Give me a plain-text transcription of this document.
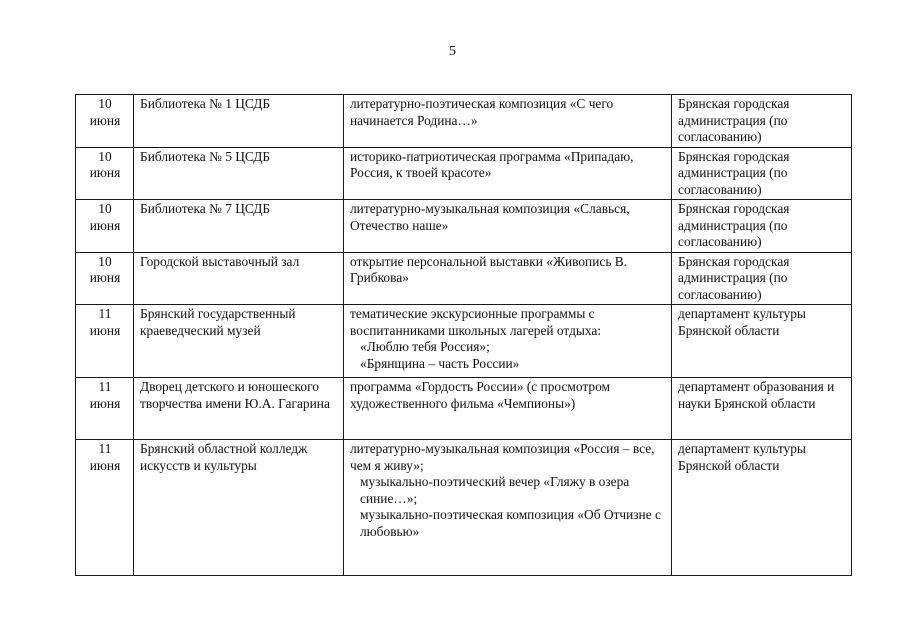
5
10
июня	Библиотека № 1 ЦСДБ	литературно-поэтическая композиция «С чего начинается Родина…»	Брянская городская администрация (по согласованию)

10
июня	Библиотека № 5 ЦСДБ	историко-патриотическая программа «Припадаю, Россия, к твоей красоте»	Брянская городская администрация (по согласованию)

10
июня	Библиотека № 7 ЦСДБ	литературно-музыкальная композиция «Славься, Отечество наше»	Брянская городская администрация (по согласованию)

10
июня	Городской выставочный зал	открытие персональной выставки «Живопись В. Грибкова»	Брянская городская администрация (по согласованию)

11
июня	Брянский государственный краеведческий музей	тематические экскурсионные программы с воспитанниками школьных лагерей отдыха:
«Люблю тебя Россия»;
«Брянщина – часть России»	департамент культуры Брянской области

11
июня	Дворец детского и юношеского творчества имени Ю.А. Гагарина	программа «Гордость России» (с просмотром художественного фильма «Чемпионы»)	департамент образования и науки Брянской области

11
июня	Брянский областной колледж искусств и культуры	литературно-музыкальная композиция «Россия – все, чем я живу»;
музыкально-поэтический вечер «Гляжу в озера синие…»;
музыкально-поэтическая композиция «Об Отчизне с любовью»	департамент культуры Брянской области
